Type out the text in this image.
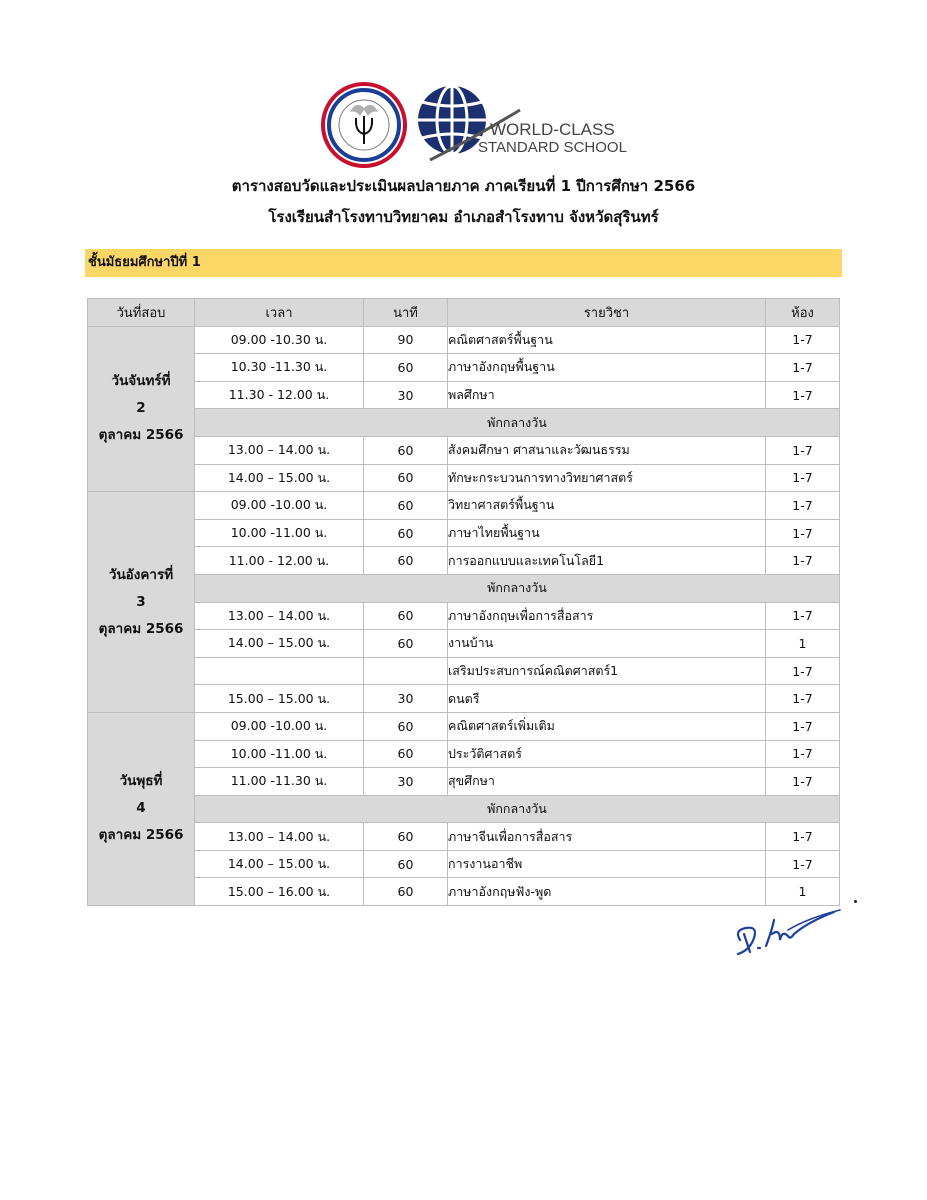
WORLD-CLASS
STANDARD SCHOOL
ตารางสอบวัดและประเมินผลปลายภาค ภาคเรียนที่ 1 ปีการศึกษา 2566
โรงเรียนสำโรงทาบวิทยาคม อำเภอสำโรงทาบ จังหวัดสุรินทร์
ชั้นมัธยมศึกษาปีที่ 1
วันที่สอบ	เวลา	นาที	รายวิชา	ห้อง

วันจันทร์ที่
2
ตุลาคม 2566	09.00 -10.30 น.	90	คณิตศาสตร์พื้นฐาน	1-7
	10.30 -11.30 น.	60	ภาษาอังกฤษพื้นฐาน	1-7
	11.30 - 12.00 น.	30	พลศึกษา	1-7
	พักกลางวัน			
	13.00 – 14.00 น.	60	สังคมศึกษา ศาสนาและวัฒนธรรม	1-7
	14.00 – 15.00 น.	60	ทักษะกระบวนการทางวิทยาศาสตร์	1-7

วันอังคารที่
3
ตุลาคม 2566	09.00 -10.00 น.	60	วิทยาศาสตร์พื้นฐาน	1-7
	10.00 -11.00 น.	60	ภาษาไทยพื้นฐาน	1-7
	11.00 - 12.00 น.	60	การออกแบบและเทคโนโลยี1	1-7
	พักกลางวัน			
	13.00 – 14.00 น.	60	ภาษาอังกฤษเพื่อการสื่อสาร	1-7
	14.00 – 15.00 น.	60	งานบ้าน	1
			เสริมประสบการณ์คณิตศาสตร์1	1-7
	15.00 – 15.00 น.	30	ดนตรี	1-7

วันพุธที่
4
ตุลาคม 2566	09.00 -10.00 น.	60	คณิตศาสตร์เพิ่มเติม	1-7
	10.00 -11.00 น.	60	ประวัติศาสตร์	1-7
	11.00 -11.30 น.	30	สุขศึกษา	1-7
	พักกลางวัน			
	13.00 – 14.00 น.	60	ภาษาจีนเพื่อการสื่อสาร	1-7
	14.00 – 15.00 น.	60	การงานอาชีพ	1-7
	15.00 – 16.00 น.	60	ภาษาอังกฤษฟัง-พูด	1
